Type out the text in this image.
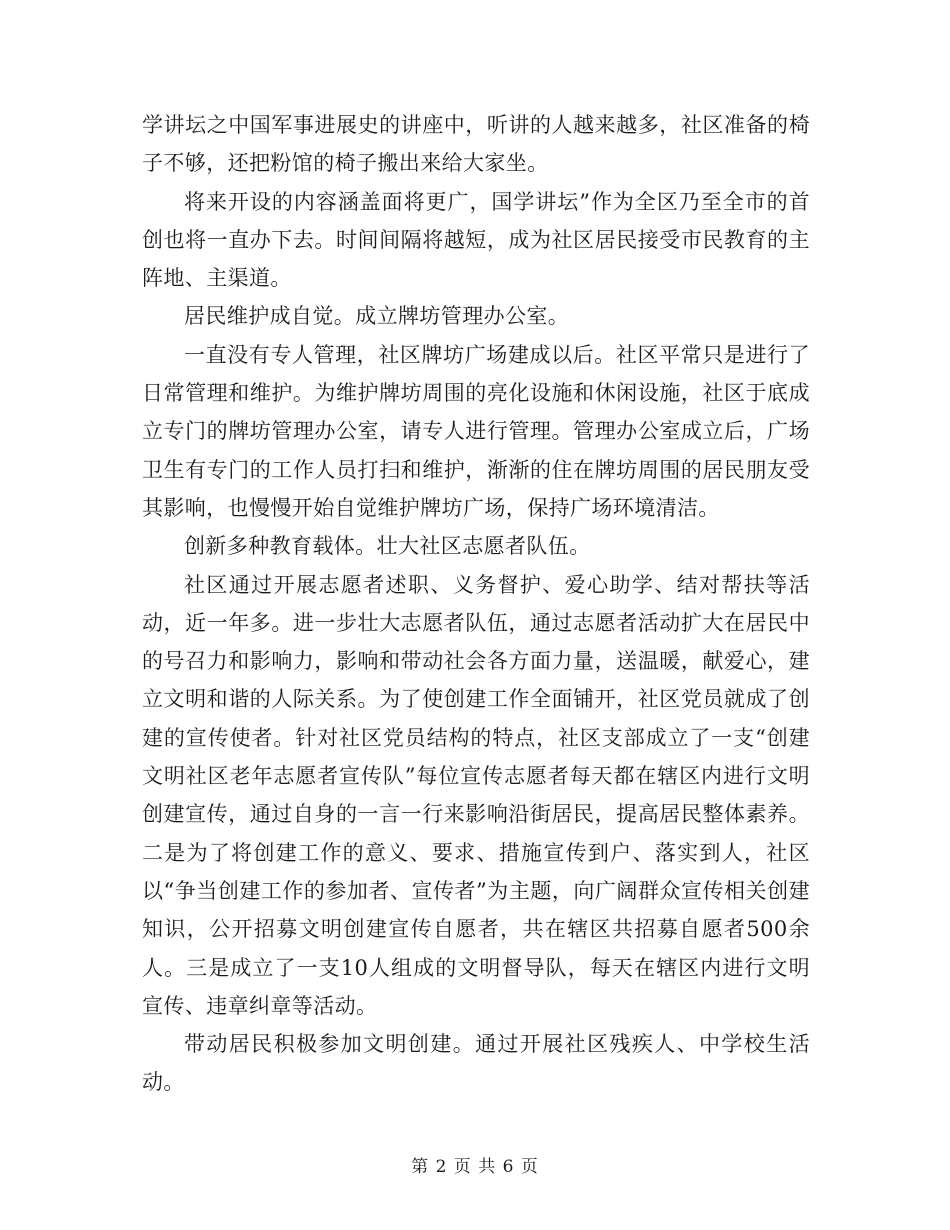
学讲坛之中国军事进展史的讲座中，听讲的人越来越多，社区准备的椅子不够，还把粉馆的椅子搬出来给大家坐。

将来开设的内容涵盖面将更广，国学讲坛”作为全区乃至全市的首创也将一直办下去。时间间隔将越短，成为社区居民接受市民教育的主阵地、主渠道。

居民维护成自觉。成立牌坊管理办公室。

一直没有专人管理，社区牌坊广场建成以后。社区平常只是进行了日常管理和维护。为维护牌坊周围的亮化设施和休闲设施，社区于底成立专门的牌坊管理办公室，请专人进行管理。管理办公室成立后，广场卫生有专门的工作人员打扫和维护，渐渐的住在牌坊周围的居民朋友受其影响，也慢慢开始自觉维护牌坊广场，保持广场环境清洁。

创新多种教育载体。壮大社区志愿者队伍。

社区通过开展志愿者述职、义务督护、爱心助学、结对帮扶等活动，近一年多。进一步壮大志愿者队伍，通过志愿者活动扩大在居民中的号召力和影响力，影响和带动社会各方面力量，送温暖，献爱心，建立文明和谐的人际关系。为了使创建工作全面铺开，社区党员就成了创建的宣传使者。针对社区党员结构的特点，社区支部成立了一支“创建文明社区老年志愿者宣传队”每位宣传志愿者每天都在辖区内进行文明创建宣传，通过自身的一言一行来影响沿街居民，提高居民整体素养。二是为了将创建工作的意义、要求、措施宣传到户、落实到人，社区以“争当创建工作的参加者、宣传者”为主题，向广阔群众宣传相关创建知识，公开招募文明创建宣传自愿者，共在辖区共招募自愿者500余人。三是成立了一支10人组成的文明督导队，每天在辖区内进行文明宣传、违章纠章等活动。

带动居民积极参加文明创建。通过开展社区残疾人、中学校生活动。

第 2 页 共 6 页
